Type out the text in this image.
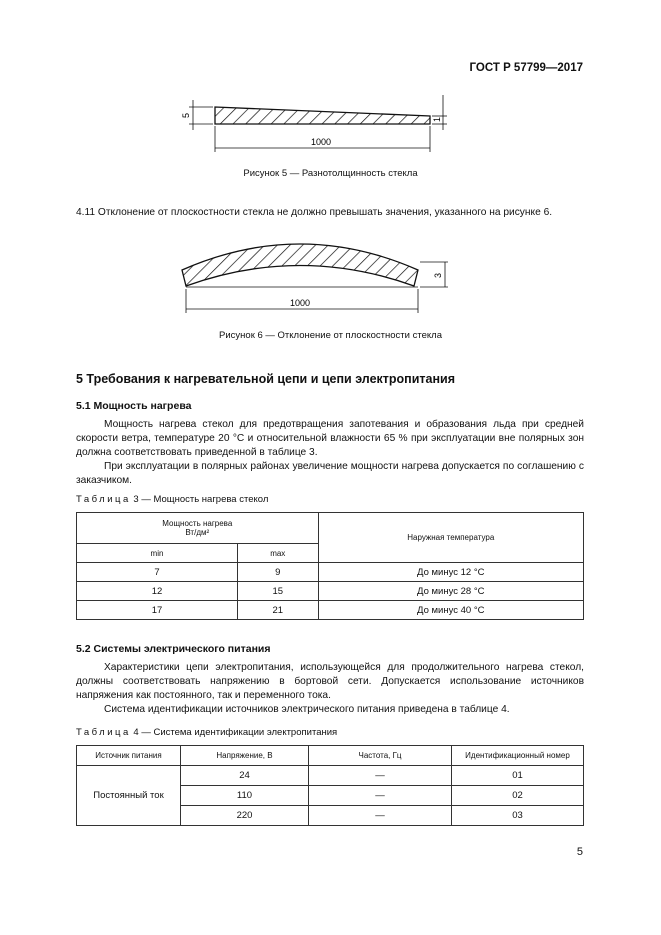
ГОСТ Р 57799—2017
5
1
1000
Рисунок 5 — Разнотолщинность стекла
4.11 Отклонение от плоскостности стекла не должно превышать значения, указанного на рисунке 6.
3
1000
Рисунок 6 — Отклонение от плоскостности стекла
5 Требования к нагревательной цепи и цепи электропитания
5.1 Мощность нагрева
Мощность нагрева стекол для предотвращения запотевания и образования льда при средней скорости ветра, температуре 20 °С и относительной влажности 65 % при эксплуатации вне полярных зон должна соответствовать приведенной в таблице 3.
При эксплуатации в полярных районах увеличение мощности нагрева допускается по соглашению с заказчиком.
Таблица 3 — Мощность нагрева стекол
Мощность нагрева
Вт/дм²		Наружная температура
min	max	
7	9	До минус 12 °С
12	15	До минус 28 °С
17	21	До минус 40 °С
5.2 Системы электрического питания
Характеристики цепи электропитания, использующейся для продолжительного нагрева стекол, должны соответствовать напряжению в бортовой сети. Допускается использование источников напряжения как постоянного, так и переменного тока.
Система идентификации источников электрического питания приведена в таблице 4.
Таблица 4 — Система идентификации электропитания
Источник питания	Напряжение, В	Частота, Гц	Идентификационный номер
Постоянный ток	24	—	01
	110	—	02
	220	—	03
5
